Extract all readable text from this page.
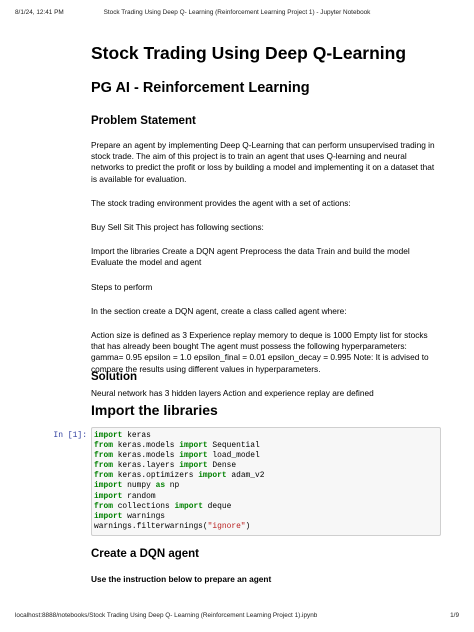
8/1/24, 12:41 PM	Stock Trading Using Deep Q- Learning (Reinforcement Learning Project 1) - Jupyter Notebook
Stock Trading Using Deep Q-Learning
PG AI - Reinforcement Learning
Problem Statement

Prepare an agent by implementing Deep Q-Learning that can perform unsupervised trading in stock trade. The aim of this project is to train an agent that uses Q-learning and neural networks to predict the profit or loss by building a model and implementing it on a dataset that is available for evaluation.

The stock trading environment provides the agent with a set of actions:

Buy Sell Sit This project has following sections:

Import the libraries Create a DQN agent Preprocess the data Train and build the model Evaluate the model and agent

Steps to perform

In the section create a DQN agent, create a class called agent where:

Action size is defined as 3 Experience replay memory to deque is 1000 Empty list for stocks that has already been bought The agent must possess the following hyperparameters: gamma= 0.95 epsilon = 1.0 epsilon_final = 0.01 epsilon_decay = 0.995 Note: It is advised to compare the results using different values in hyperparameters.

Neural network has 3 hidden layers Action and experience replay are defined

Solution
Import the libraries
In [1]: import keras
from keras.models import Sequential
from keras.models import load_model
from keras.layers import Dense
from keras.optimizers import adam_v2
import numpy as np
import random
from collections import deque
import warnings
warnings.filterwarnings("ignore")
Create a DQN agent

Use the instruction below to prepare an agent

localhost:8888/notebooks/Stock Trading Using Deep Q- Learning (Reinforcement Learning Project 1).ipynb	1/9
